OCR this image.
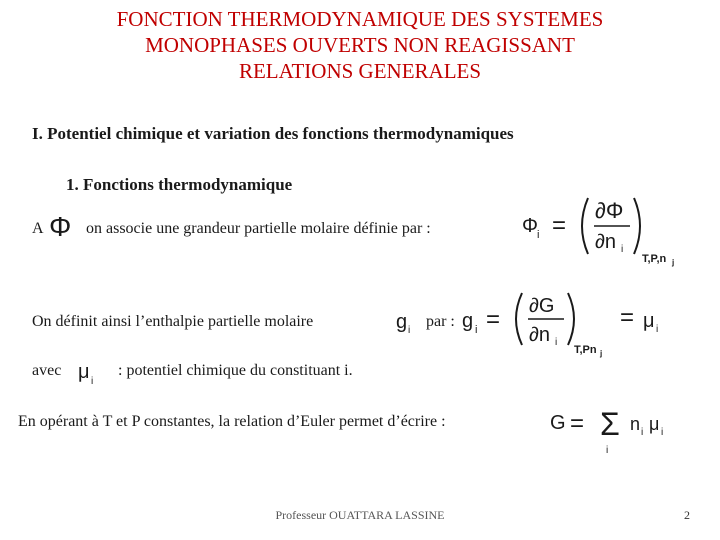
FONCTION THERMODYNAMIQUE DES SYSTEMES
MONOPHASES OUVERTS NON REAGISSANT
RELATIONS GENERALES
I. Potentiel chimique et variation des fonctions thermodynamiques
1. Fonctions thermodynamique
A Φ on associe une grandeur partielle molaire définie par :	Φ i =
∂Φ
∂n i
T,P,n j
On définit ainsi l’enthalpie partielle molaire	g i
par : g i = ∂G
∂n i
T,Pn j
= μ i
avec μ i
: potentiel chimique du constituant i.
En opérant à T et P constantes, la relation d’Euler permet d’écrire :	G = Σ
i
n i μ i
Professeur OUATTARA LASSINE	2
